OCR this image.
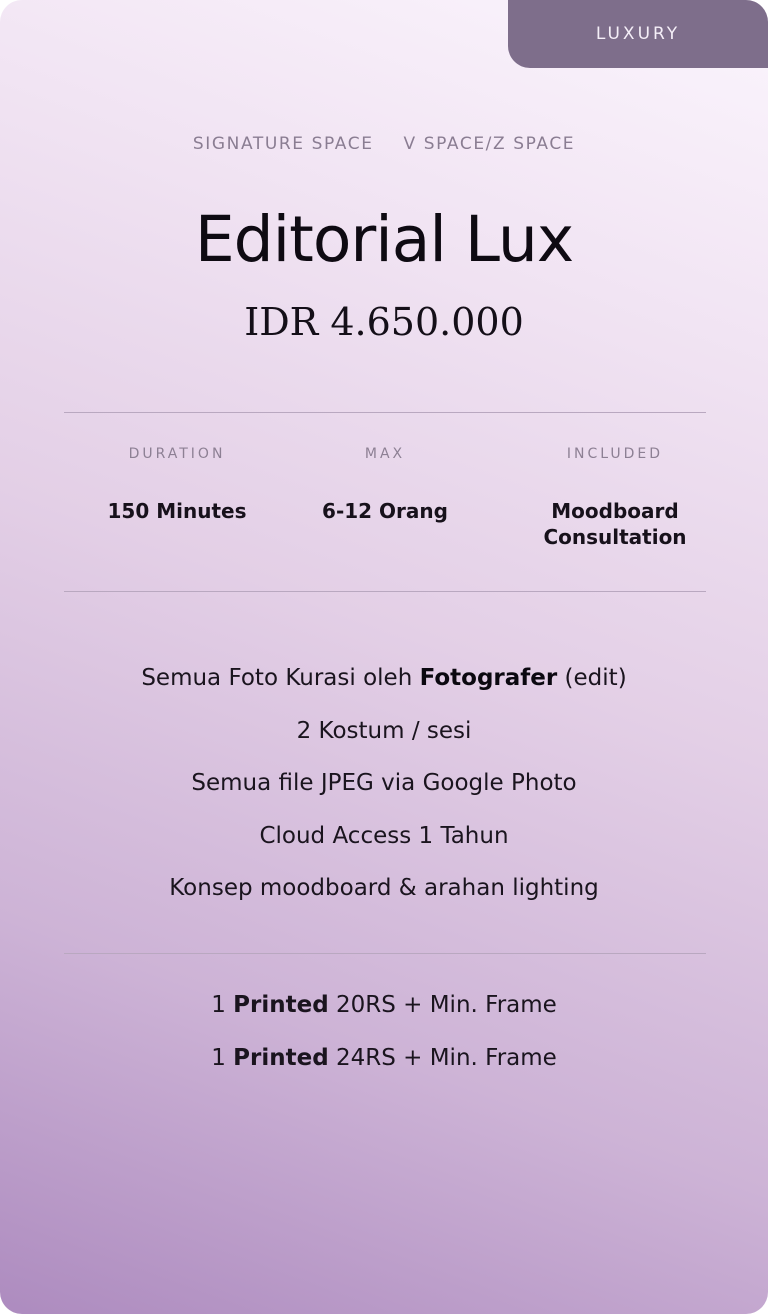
LUXURY
SIGNATURE SPACE V SPACE/Z SPACE
Editorial Lux
IDR 4.650.000
DURATION
150 Minutes
MAX
6-12 Orang
INCLUDED
Moodboard Consultation
Semua Foto Kurasi oleh Fotografer (edit)
2 Kostum / sesi
Semua file JPEG via Google Photo
Cloud Access 1 Tahun
Konsep moodboard & arahan lighting
1 Printed 20RS + Min. Frame
1 Printed 24RS + Min. Frame
